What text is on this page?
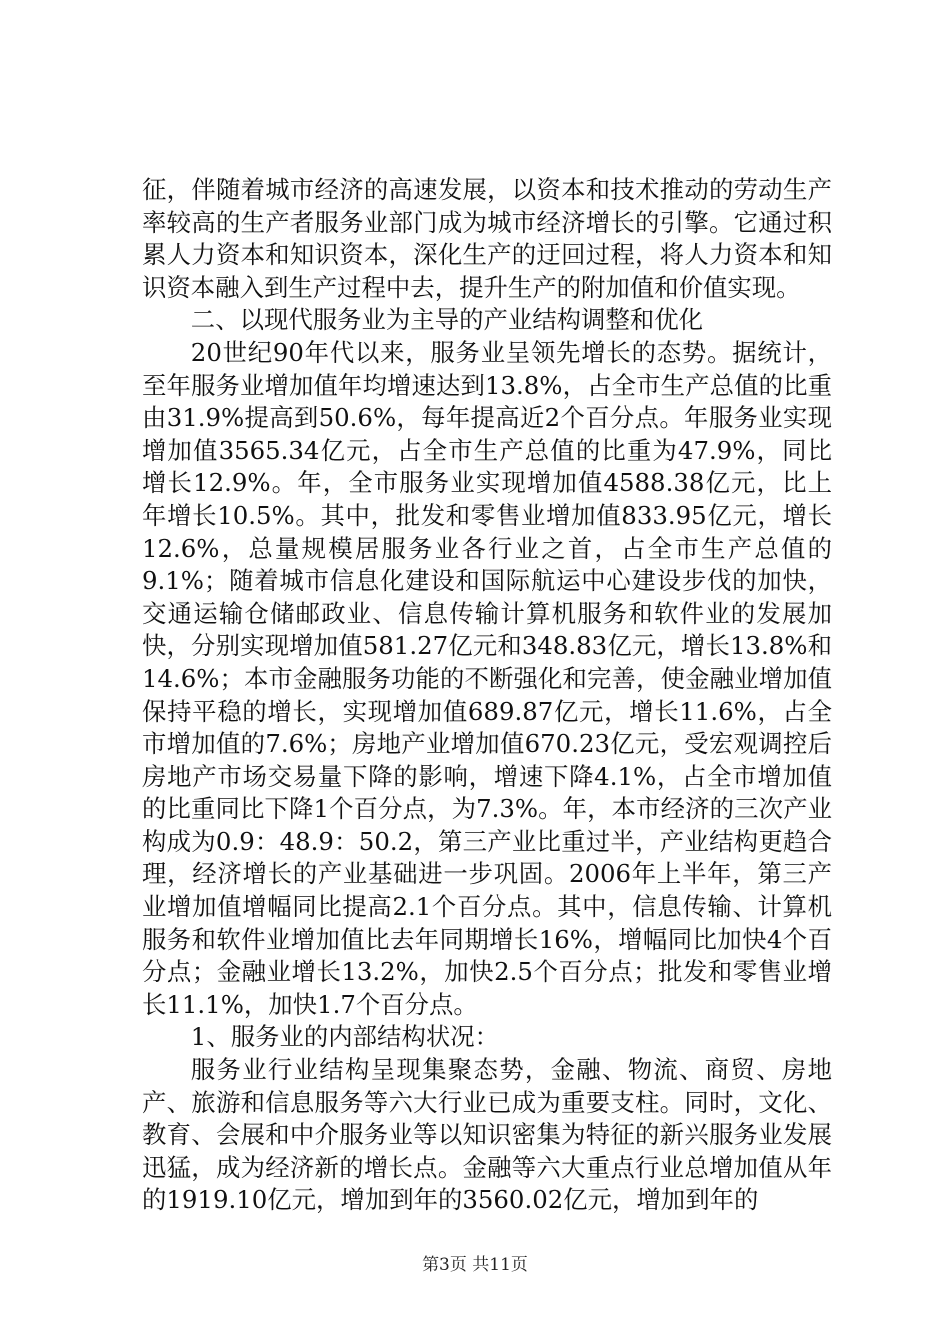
征，伴随着城市经济的高速发展，以资本和技术推动的劳动生产率较高的生产者服务业部门成为城市经济增长的引擎。它通过积累人力资本和知识资本，深化生产的迂回过程，将人力资本和知识资本融入到生产过程中去，提升生产的附加值和价值实现。

二、以现代服务业为主导的产业结构调整和优化

20世纪90年代以来，服务业呈领先增长的态势。据统计，至年服务业增加值年均增速达到13.8%，占全市生产总值的比重由31.9%提高到50.6%，每年提高近2个百分点。年服务业实现增加值3565.34亿元，占全市生产总值的比重为47.9%，同比增长12.9%。年，全市服务业实现增加值4588.38亿元，比上年增长10.5%。其中，批发和零售业增加值833.95亿元，增长12.6%，总量规模居服务业各行业之首，占全市生产总值的9.1%；随着城市信息化建设和国际航运中心建设步伐的加快，交通运输仓储邮政业、信息传输计算机服务和软件业的发展加快，分别实现增加值581.27亿元和348.83亿元，增长13.8%和14.6%；本市金融服务功能的不断强化和完善，使金融业增加值保持平稳的增长，实现增加值689.87亿元，增长11.6%，占全市增加值的7.6%；房地产业增加值670.23亿元，受宏观调控后房地产市场交易量下降的影响，增速下降4.1%，占全市增加值的比重同比下降1个百分点，为7.3%。年，本市经济的三次产业构成为0.9：48.9：50.2，第三产业比重过半，产业结构更趋合理，经济增长的产业基础进一步巩固。2006年上半年，第三产业增加值增幅同比提高2.1个百分点。其中，信息传输、计算机服务和软件业增加值比去年同期增长16%，增幅同比加快4个百分点；金融业增长13.2%，加快2.5个百分点；批发和零售业增长11.1%，加快1.7个百分点。

1、服务业的内部结构状况：

服务业行业结构呈现集聚态势，金融、物流、商贸、房地产、旅游和信息服务等六大行业已成为重要支柱。同时，文化、教育、会展和中介服务业等以知识密集为特征的新兴服务业发展迅猛，成为经济新的增长点。金融等六大重点行业总增加值从年的1919.10亿元，增加到年的3560.02亿元，增加到年的

第3页 共11页
